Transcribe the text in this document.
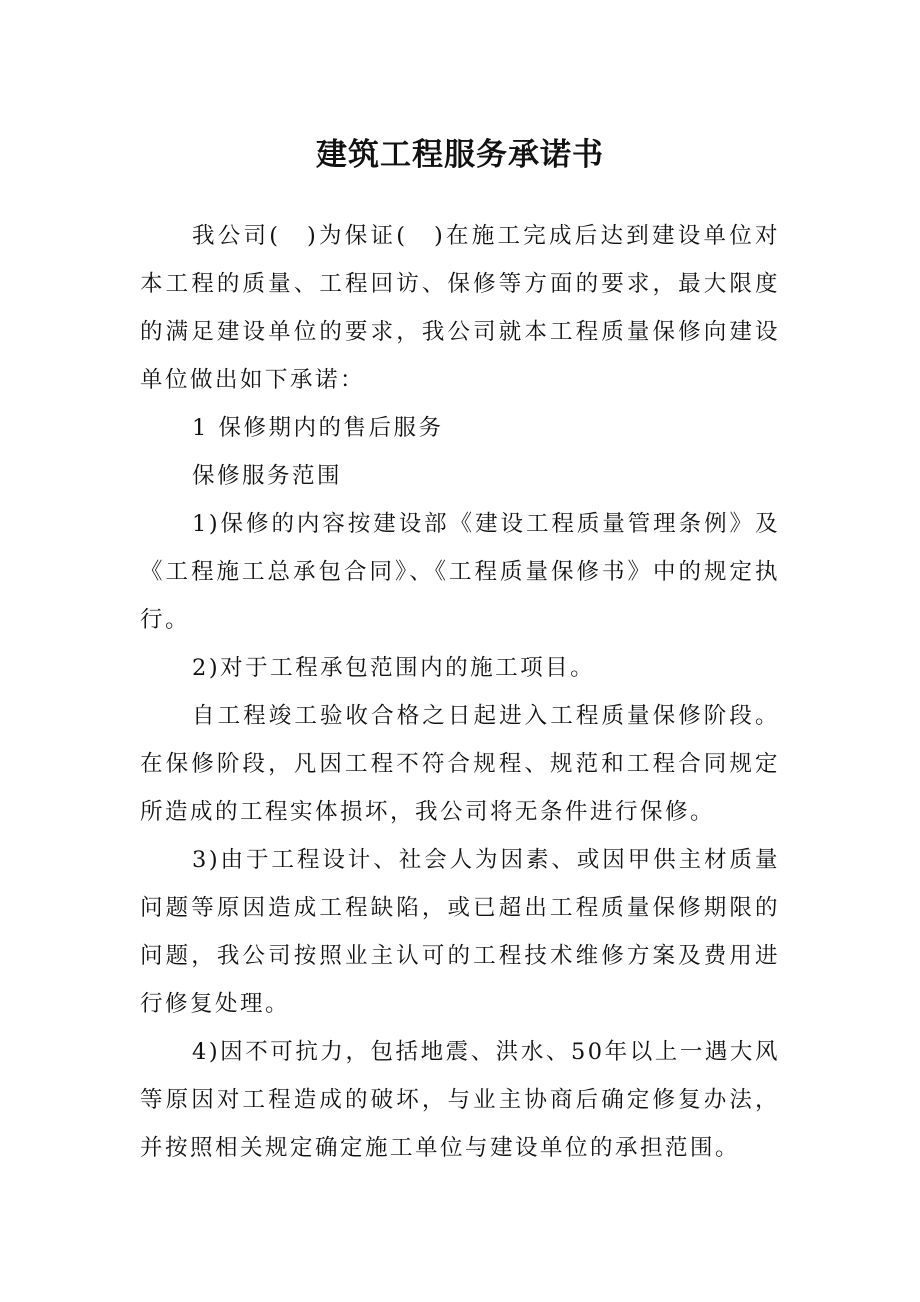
建筑工程服务承诺书

我公司(　)为保证(　)在施工完成后达到建设单位对本工程的质量、工程回访、保修等方面的要求，最大限度的满足建设单位的要求，我公司就本工程质量保修向建设单位做出如下承诺：

1 保修期内的售后服务

保修服务范围

1)保修的内容按建设部《建设工程质量管理条例》及《工程施工总承包合同》、《工程质量保修书》中的规定执行。

2)对于工程承包范围内的施工项目。

自工程竣工验收合格之日起进入工程质量保修阶段。在保修阶段，凡因工程不符合规程、规范和工程合同规定所造成的工程实体损坏，我公司将无条件进行保修。

3)由于工程设计、社会人为因素、或因甲供主材质量问题等原因造成工程缺陷，或已超出工程质量保修期限的问题，我公司按照业主认可的工程技术维修方案及费用进行修复处理。

4)因不可抗力，包括地震、洪水、50年以上一遇大风等原因对工程造成的破坏，与业主协商后确定修复办法，并按照相关规定确定施工单位与建设单位的承担范围。
